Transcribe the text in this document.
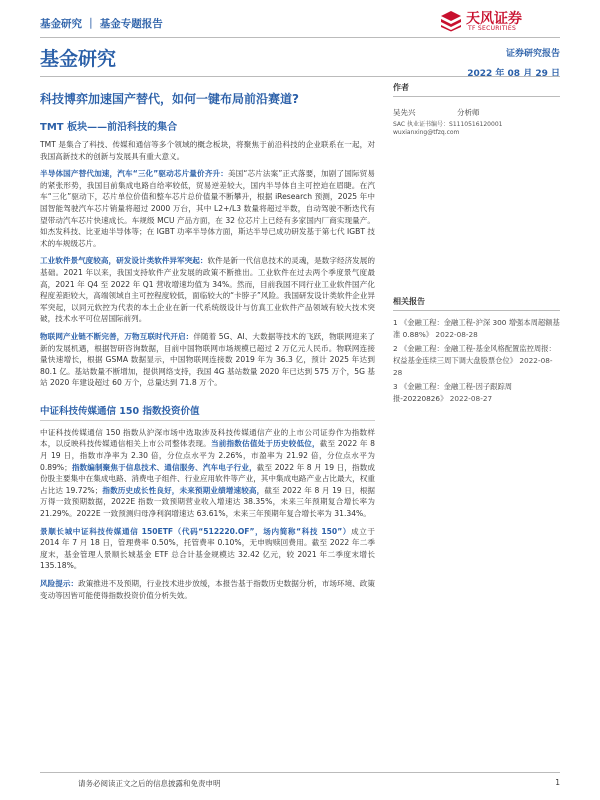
基金研究 ｜ 基金专题报告	天风证券
TF SECURITIES
基金研究	证券研究报告
2022 年 08 月 29 日
科技博弈加速国产替代，如何一键布局前沿赛道?
TMT 板块——前沿科技的集合

TMT 是集合了科技、传媒和通信等多个领域的概念板块，将聚焦于前沿科技的企业联系在一起，对我国高新技术的创新与发展具有重大意义。

半导体国产替代加速，汽车“三化”驱动芯片量价齐升：美国“芯片法案”正式落要，加剧了国际贸易的紧张形势，我国目前集成电路自给率较低，贸易逆差较大，国内半导体自主可控迫在眉睫。在汽车“三化”驱动下，芯片单位价值和整车芯片总价值量不断攀升，根据 iResearch 预测，2025 年中国智能驾驶汽车芯片销量将超过 2000 万台，其中 L2+/L3 数量将超过半数，自动驾驶不断迭代有望带动汽车芯片快速成长。车规级 MCU 产品方面，在 32 位芯片上已经有多家国内厂商实现量产。如杰发科技、比亚迪半导体等；在 IGBT 功率半导体方面，斯达半导已成功研发基于第七代 IGBT 技术的车规级芯片。

工业软件景气度较高，研发设计类软件异军突起：软件是新一代信息技术的灵魂，是数字经济发展的基础。2021 年以来，我国支持软件产业发展的政策不断推出。工业软件在过去两个季度景气度最高，2021 年 Q4 至 2022 年 Q1 营收增速均值为 34%。然而，目前我国不同行业工业软件国产化程度差距较大，高端领域自主可控程度较低，面临较大的“卡脖子”风险。我国研发设计类软件企业异军突起，以同元软控为代表的本土企业在新一代系统级设计与仿真工业软件产品领域有较大技术突破，技术水平可位居国际前列。

物联网产业链不断完善，万物互联时代开启：伴随着 5G、AI、大数据等技术的飞跃，物联网迎来了新的发展机遇，根据智研咨询数据，目前中国物联网市场规模已超过 2 万亿元人民币。物联网连接量快速增长，根据 GSMA 数据显示，中国物联网连接数 2019 年为 36.3 亿，预计 2025 年达到 80.1 亿。基站数量不断增加，提供网络支持，我国 4G 基站数量 2020 年已达到 575 万个，5G 基站 2020 年建设超过 60 万个，总量达到 71.8 万个。

中证科技传媒通信 150 指数投资价值

中证科技传媒通信 150 指数从沪深市场中选取涉及科技传媒通信产业的上市公司证券作为指数样本，以反映科技传媒通信相关上市公司整体表现。当前指数估值处于历史较低位，截至 2022 年 8 月 19 日，指数市净率为 2.30 倍，分位点水平为 2.26%，市盈率为 21.92 倍，分位点水平为 0.89%；指数编制聚焦于信息技术、通信服务、汽车电子行业，截至 2022 年 8 月 19 日，指数成份股主要集中在集成电路、消费电子组件、行业应用软件等产业，其中集成电路产业占比最大，权重占比达 19.72%；指数历史成长性良好，未来预期业绩增速较高，截至 2022 年 8 月 19 日，根据万得一致预期数据，2022E 指数一致预期营业收入增速达 38.35%，未来三年预期复合增长率为 21.29%。2022E 一致预测归母净利润增速达 63.61%，未来三年预期年复合增长率为 31.34%。

景顺长城中证科技传媒通信 150ETF（代码“512220.OF”，场内简称“科技 150”）成立于 2014 年 7 月 18 日，管理费率 0.50%，托管费率 0.10%，无申购赎回费用。截至 2022 年二季度末，基金管理人景顺长城基金 ETF 总合计基金规模达 32.42 亿元，较 2021 年二季度末增长 135.18%。

风险提示：政策推进不及预期，行业技术进步放缓，本报告基于指数历史数据分析，市场环境、政策变动等因皆可能使得指数投资价值分析失效。

作者
吴先兴	分析师
SAC 执业证书编号：S1110516120001
wuxianxing@tfzq.com
相关报告
1 《金融工程：金融工程-沪深 300 增强本周超额基准 0.88%》 2022-08-28
2 《金融工程：金融工程-基金风格配置监控周报：权益基金连续三周下调大盘股票仓位》 2022-08-28
3 《金融工程：金融工程-因子跟踪周报-20220826》 2022-08-27
请务必阅读正文之后的信息披露和免责申明	1
